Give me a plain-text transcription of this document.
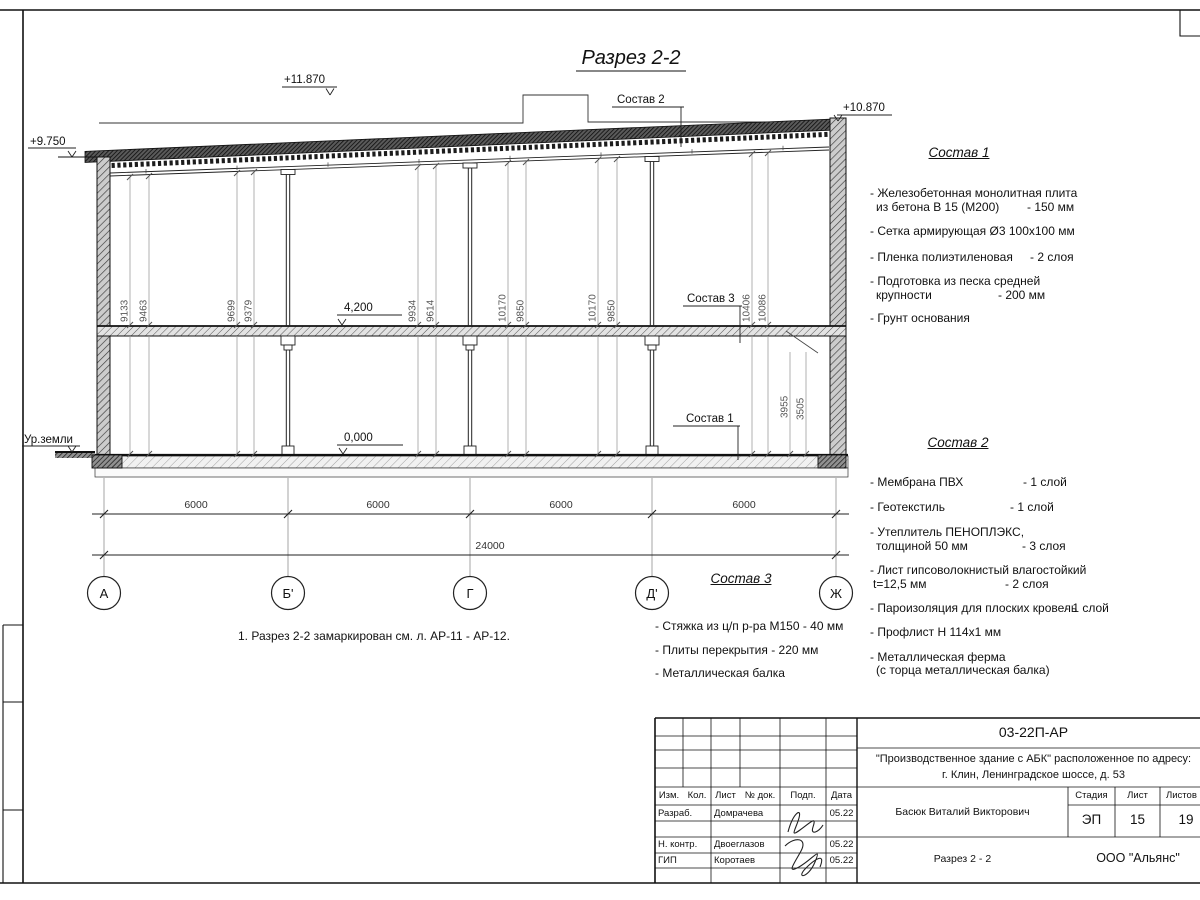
9133 9463	9699 9379	9934 9614	10170 9850	10170 9850	10406 10086
3955 3505
6000	6000	6000	6000
24000
А	Б'	Г	Д'	Ж
Разрез 2-2
+11.870
+9.750
+10.870
4,200
0,000
Ур.земли
Состав 2
Состав 3
Состав 1
Состав 1
- Железобетонная монолитная плита
из бетона В 15 (М200) - 150 мм
- Сетка армирующая Ø3 100х100 мм
- Пленка полиэтиленовая - 2 слоя
- Подготовка из песка средней
крупности	- 200 мм
- Грунт основания
Состав 2
- Мембрана ПВХ	- 1 слой
- Геотекстиль	- 1 слой
- Утеплитель ПЕНОПЛЭКС,
толщиной 50 мм	- 3 слоя
- Лист гипсоволокнистый влагостойкий
t=12,5 мм	- 2 слоя
- Пароизоляция для плоских кровель
- 1 слой
- Профлист Н 114х1 мм
- Металлическая ферма
(с торца металлическая балка)
Состав 3
- Стяжка из ц/п р-ра М150 - 40 мм
- Плиты перекрытия - 220 мм
- Металлическая балка
1. Разрез 2-2 замаркирован см. л. АР-11 - АР-12.
03-22П-АР
"Производственное здание с АБК" расположенное по адресу:
г. Клин, Ленинградское шоссе, д. 53
Изм. Кол. Лист № док.	Подп.	Дата
Разраб. Домрачева	05.22
Н. контр. Двоеглазов	05.22
ГИП	Коротаев	05.22
Басюк Виталий Викторович
Разрез 2 - 2
Стадия	Лист	Листов
ЭП	15	19
ООО "Альянс"
